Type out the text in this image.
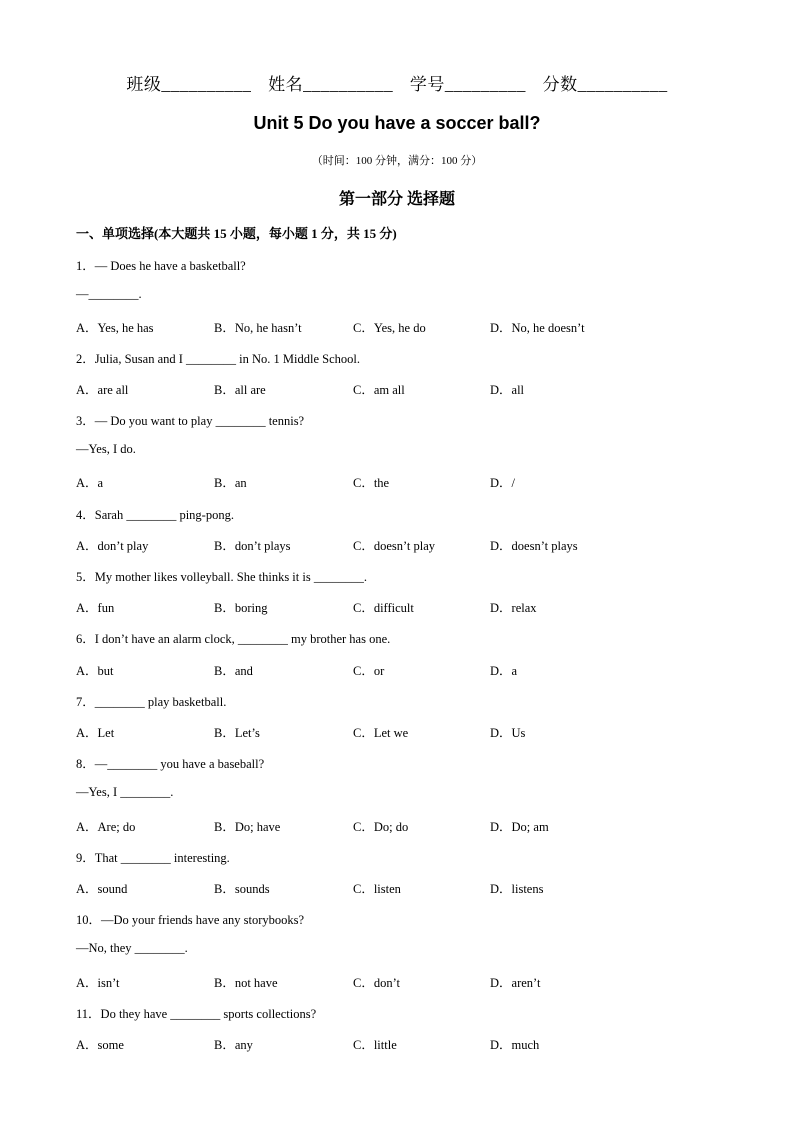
班级__________ 姓名__________ 学号_________ 分数__________
Unit 5 Do you have a soccer ball?
（时间：100 分钟，满分：100 分）
第一部分 选择题
一、单项选择(本大题共 15 小题，每小题 1 分，共 15 分)
1．— Does he have a basketball?
—________.
A．Yes, he has	B．No, he hasn’t	C．Yes, he do	D．No, he doesn’t
2．Julia, Susan and I ________ in No. 1 Middle School.
A．are all	B．all are	C．am all	D．all
3．— Do you want to play ________ tennis?
—Yes, I do.
A．a	B．an	C．the	D．/
4．Sarah ________ ping-pong.
A．don’t play	B．don’t plays	C．doesn’t play	D．doesn’t plays
5．My mother likes volleyball. She thinks it is ________.
A．fun	B．boring	C．difficult	D．relax
6．I don’t have an alarm clock, ________ my brother has one.
A．but	B．and	C．or	D．a
7．________ play basketball.
A．Let	B．Let’s	C．Let we	D．Us
8．—________ you have a baseball?
—Yes, I ________.
A．Are; do	B．Do; have	C．Do; do	D．Do; am
9．That ________ interesting.
A．sound	B．sounds	C．listen	D．listens
10．—Do your friends have any storybooks?
—No, they ________.
A．isn’t	B．not have	C．don’t	D．aren’t
11．Do they have ________ sports collections?
A．some	B．any	C．little	D．much
